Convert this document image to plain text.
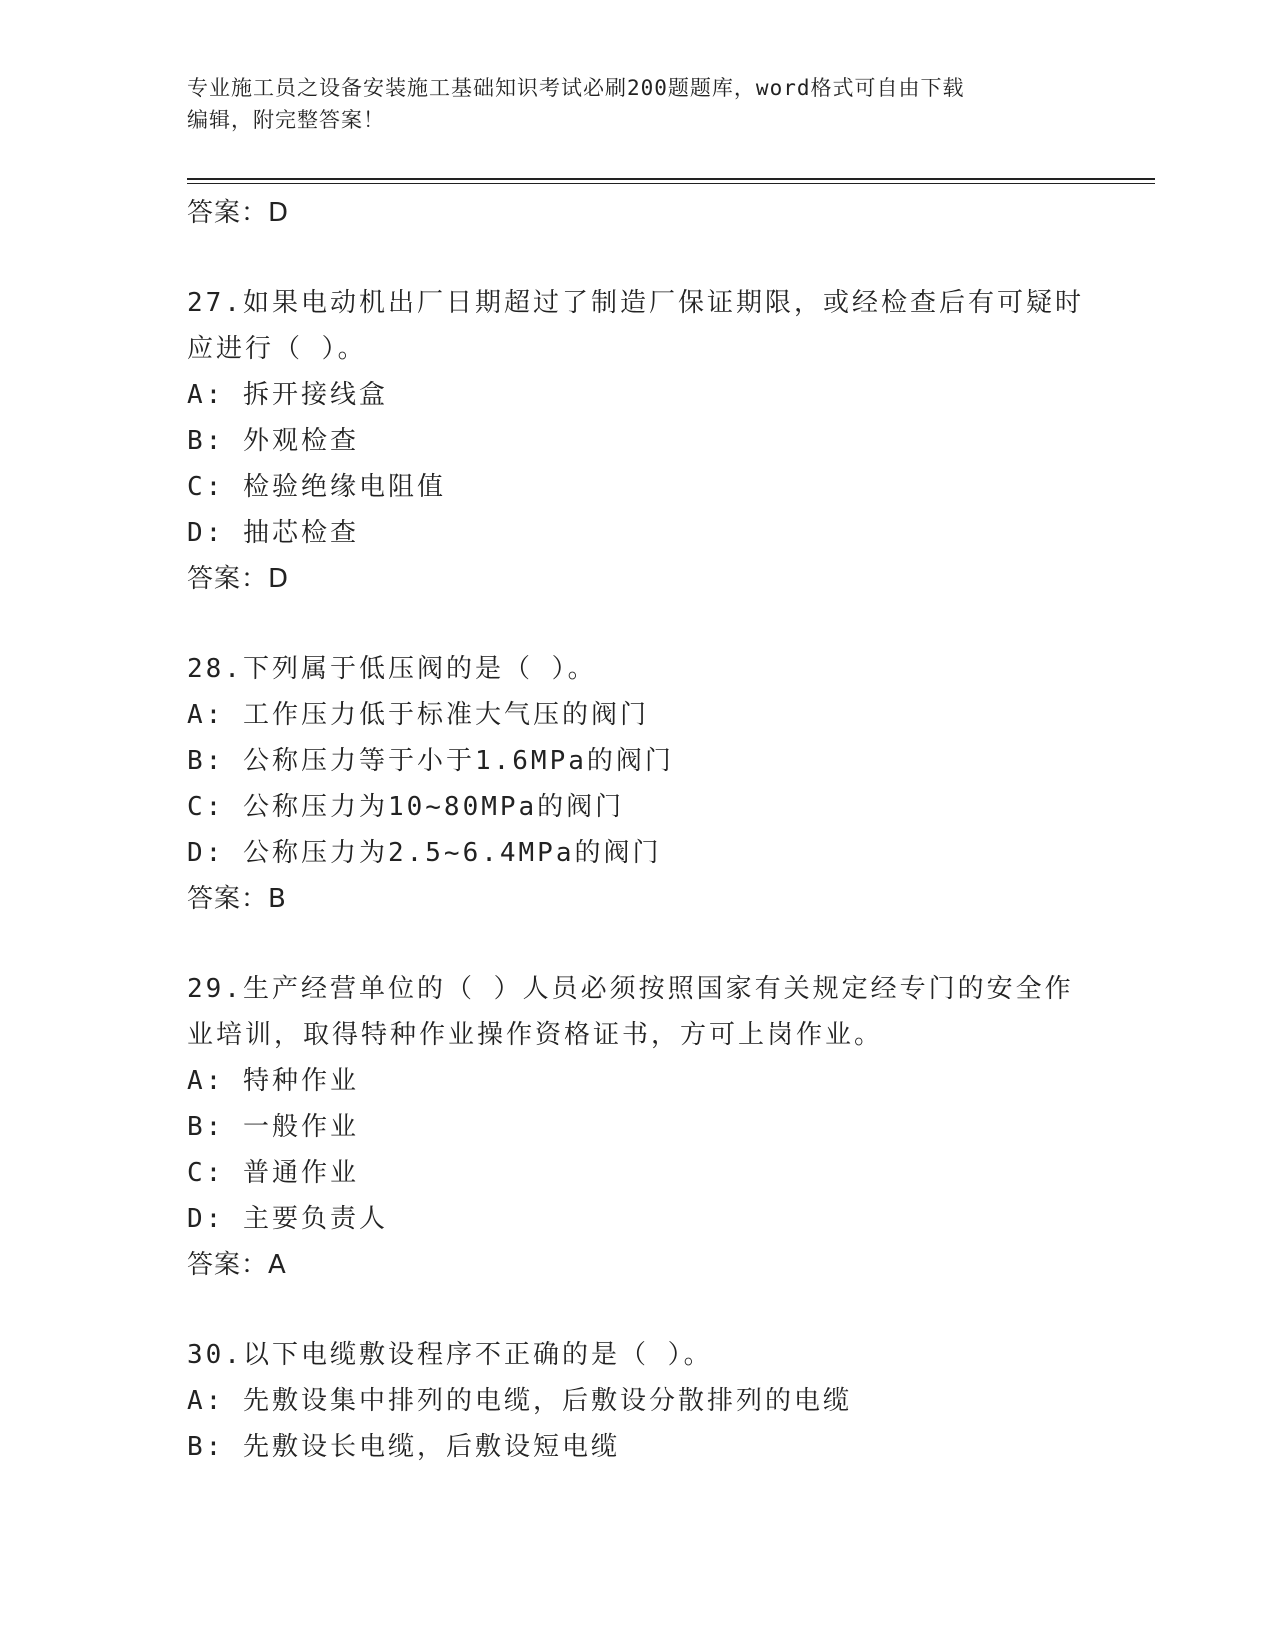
专业施工员之设备安装施工基础知识考试必刷200题题库，word格式可自由下载
编辑，附完整答案！
答案：D
27.如果电动机出厂日期超过了制造厂保证期限，或经检查后有可疑时
应进行（ ）。
A: 拆开接线盒
B: 外观检查
C: 检验绝缘电阻值
D: 抽芯检查
答案：D
28.下列属于低压阀的是（ ）。
A: 工作压力低于标准大气压的阀门
B: 公称压力等于小于1.6MPa的阀门
C: 公称压力为10~80MPa的阀门
D: 公称压力为2.5~6.4MPa的阀门
答案：B
29.生产经营单位的（ ）人员必须按照国家有关规定经专门的安全作
业培训，取得特种作业操作资格证书，方可上岗作业。
A: 特种作业
B: 一般作业
C: 普通作业
D: 主要负责人
答案：A
30.以下电缆敷设程序不正确的是（ ）。
A: 先敷设集中排列的电缆，后敷设分散排列的电缆
B: 先敷设长电缆，后敷设短电缆
